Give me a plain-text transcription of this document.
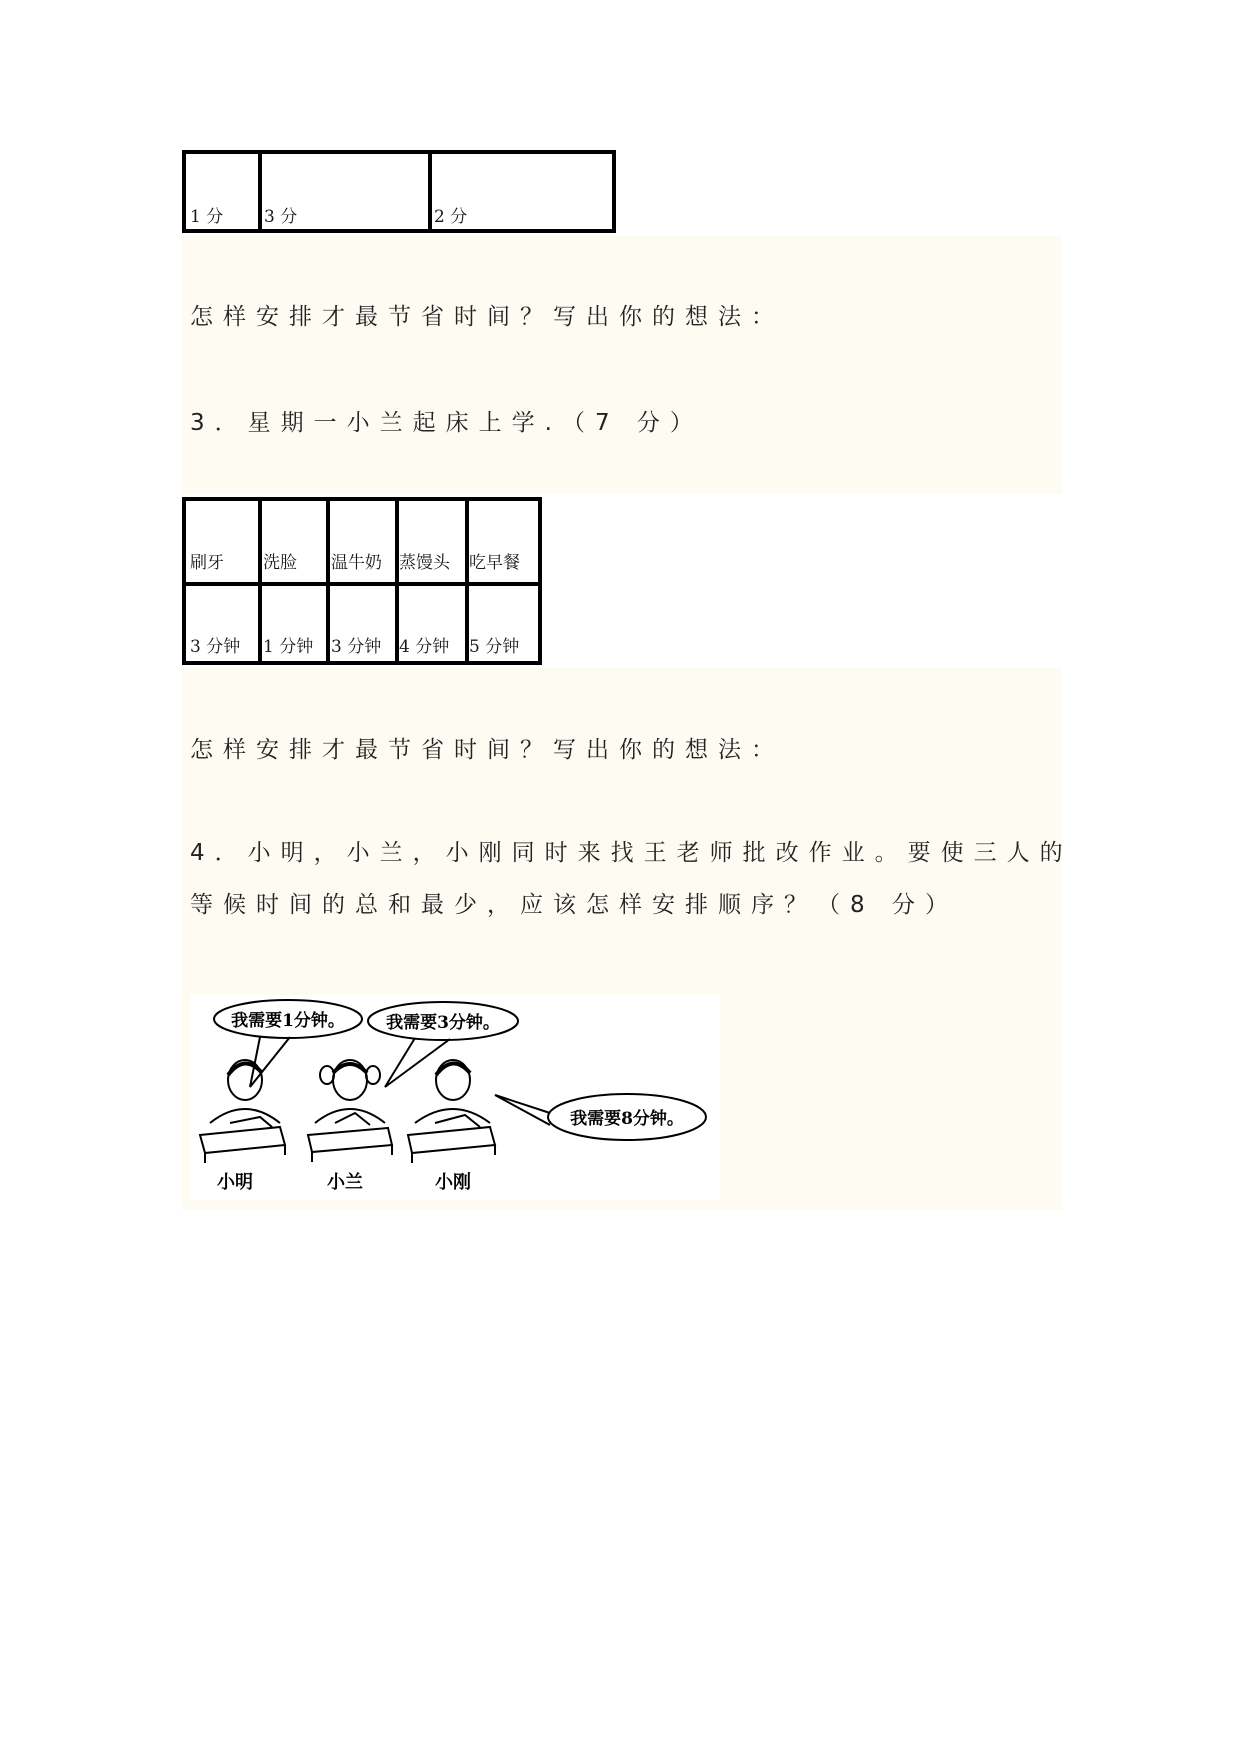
1 分 3 分	2 分
怎样安排才最节省时间？写出你的想法：
3．星期一小兰起床上学.（7 分）
刷牙 洗脸 温牛奶 蒸馒头 吃早餐
3 分钟 1 分钟 3 分钟 4 分钟 5 分钟
怎样安排才最节省时间？写出你的想法：
4．小明，小兰，小刚同时来找王老师批改作业。要使三人的
等候时间的总和最少，应该怎样安排顺序？（8 分）
我需要1分钟。 我需要3分钟。
我需要8分钟。
小明	小兰	小刚
